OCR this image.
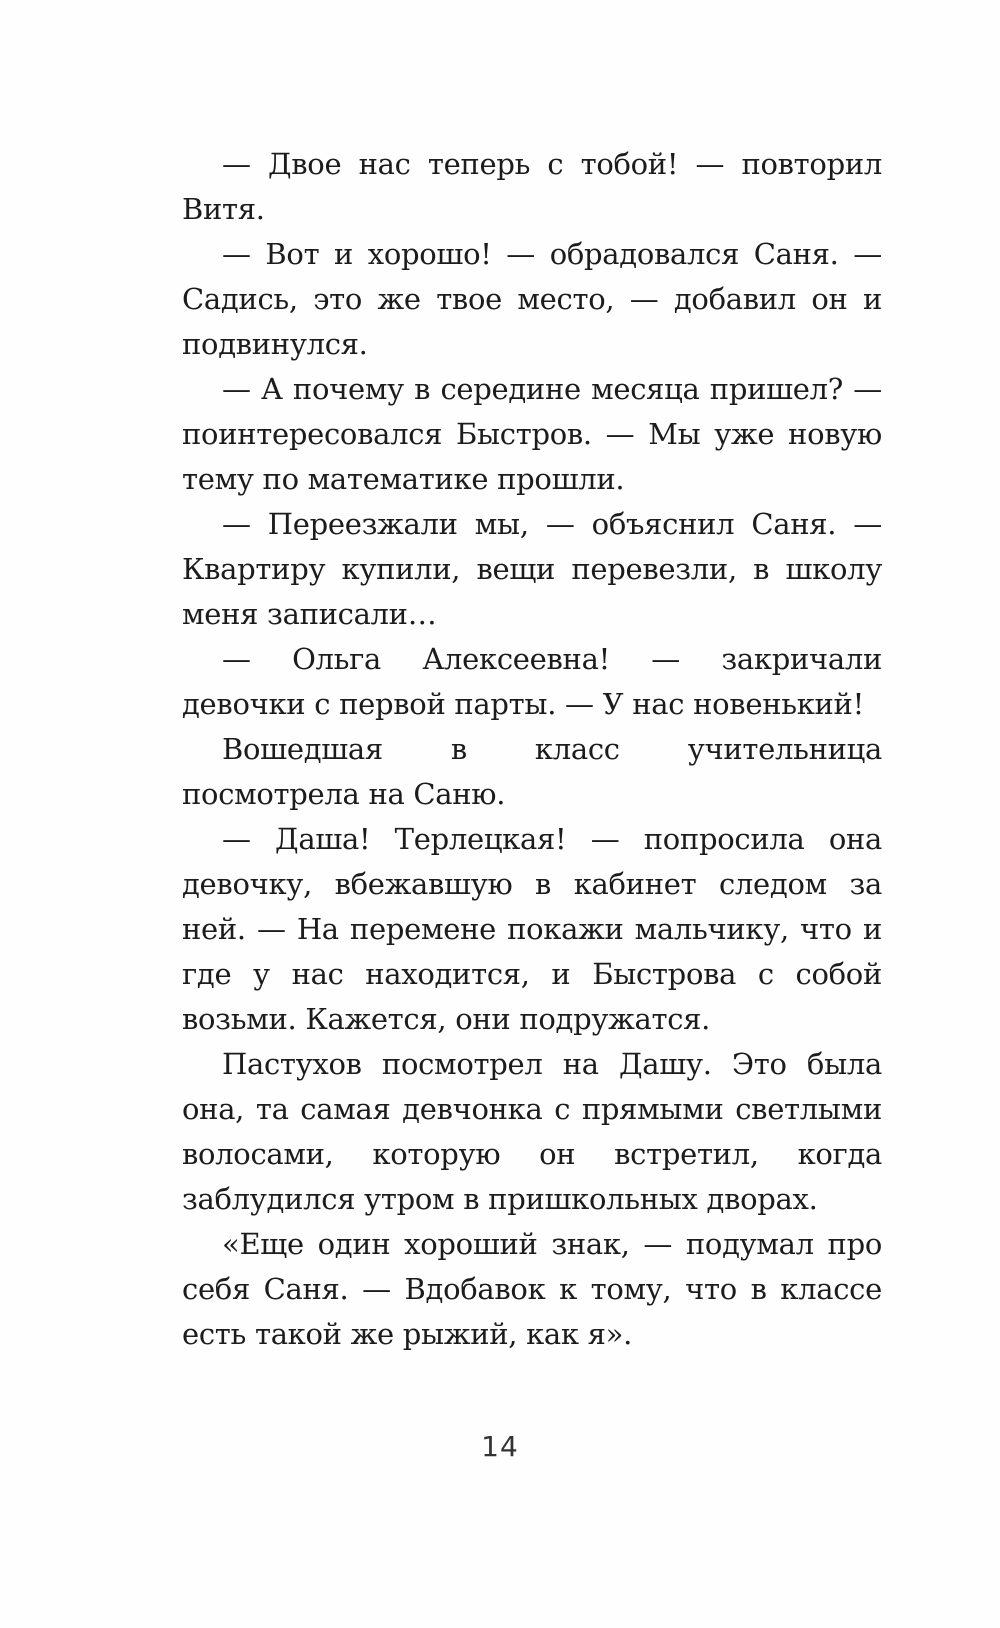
— Двое нас теперь с тобой! — повторил Витя.

— Вот и хорошо! — обрадовался Саня. — Садись, это же твое место, — добавил он и подвинулся.

— А почему в середине месяца пришел? — поинтересовался Быстров. — Мы уже новую тему по математике прошли.

— Переезжали мы, — объяснил Саня. — Квартиру купили, вещи перевезли, в школу меня записали…

— Ольга Алексеевна! — закричали девочки с первой парты. — У нас новенький!

Вошедшая в класс учительница посмотрела на Саню.

— Даша! Терлецкая! — попросила она девочку, вбежавшую в кабинет следом за ней. — На перемене покажи мальчику, что и где у нас находится, и Быстрова с собой возьми. Кажется, они подружатся.

Пастухов посмотрел на Дашу. Это была она, та самая девчонка с прямыми светлыми волосами, которую он встретил, когда заблудился утром в пришкольных дворах.

«Еще один хороший знак, — подумал про себя Саня. — Вдобавок к тому, что в классе есть такой же рыжий, как я».

14
